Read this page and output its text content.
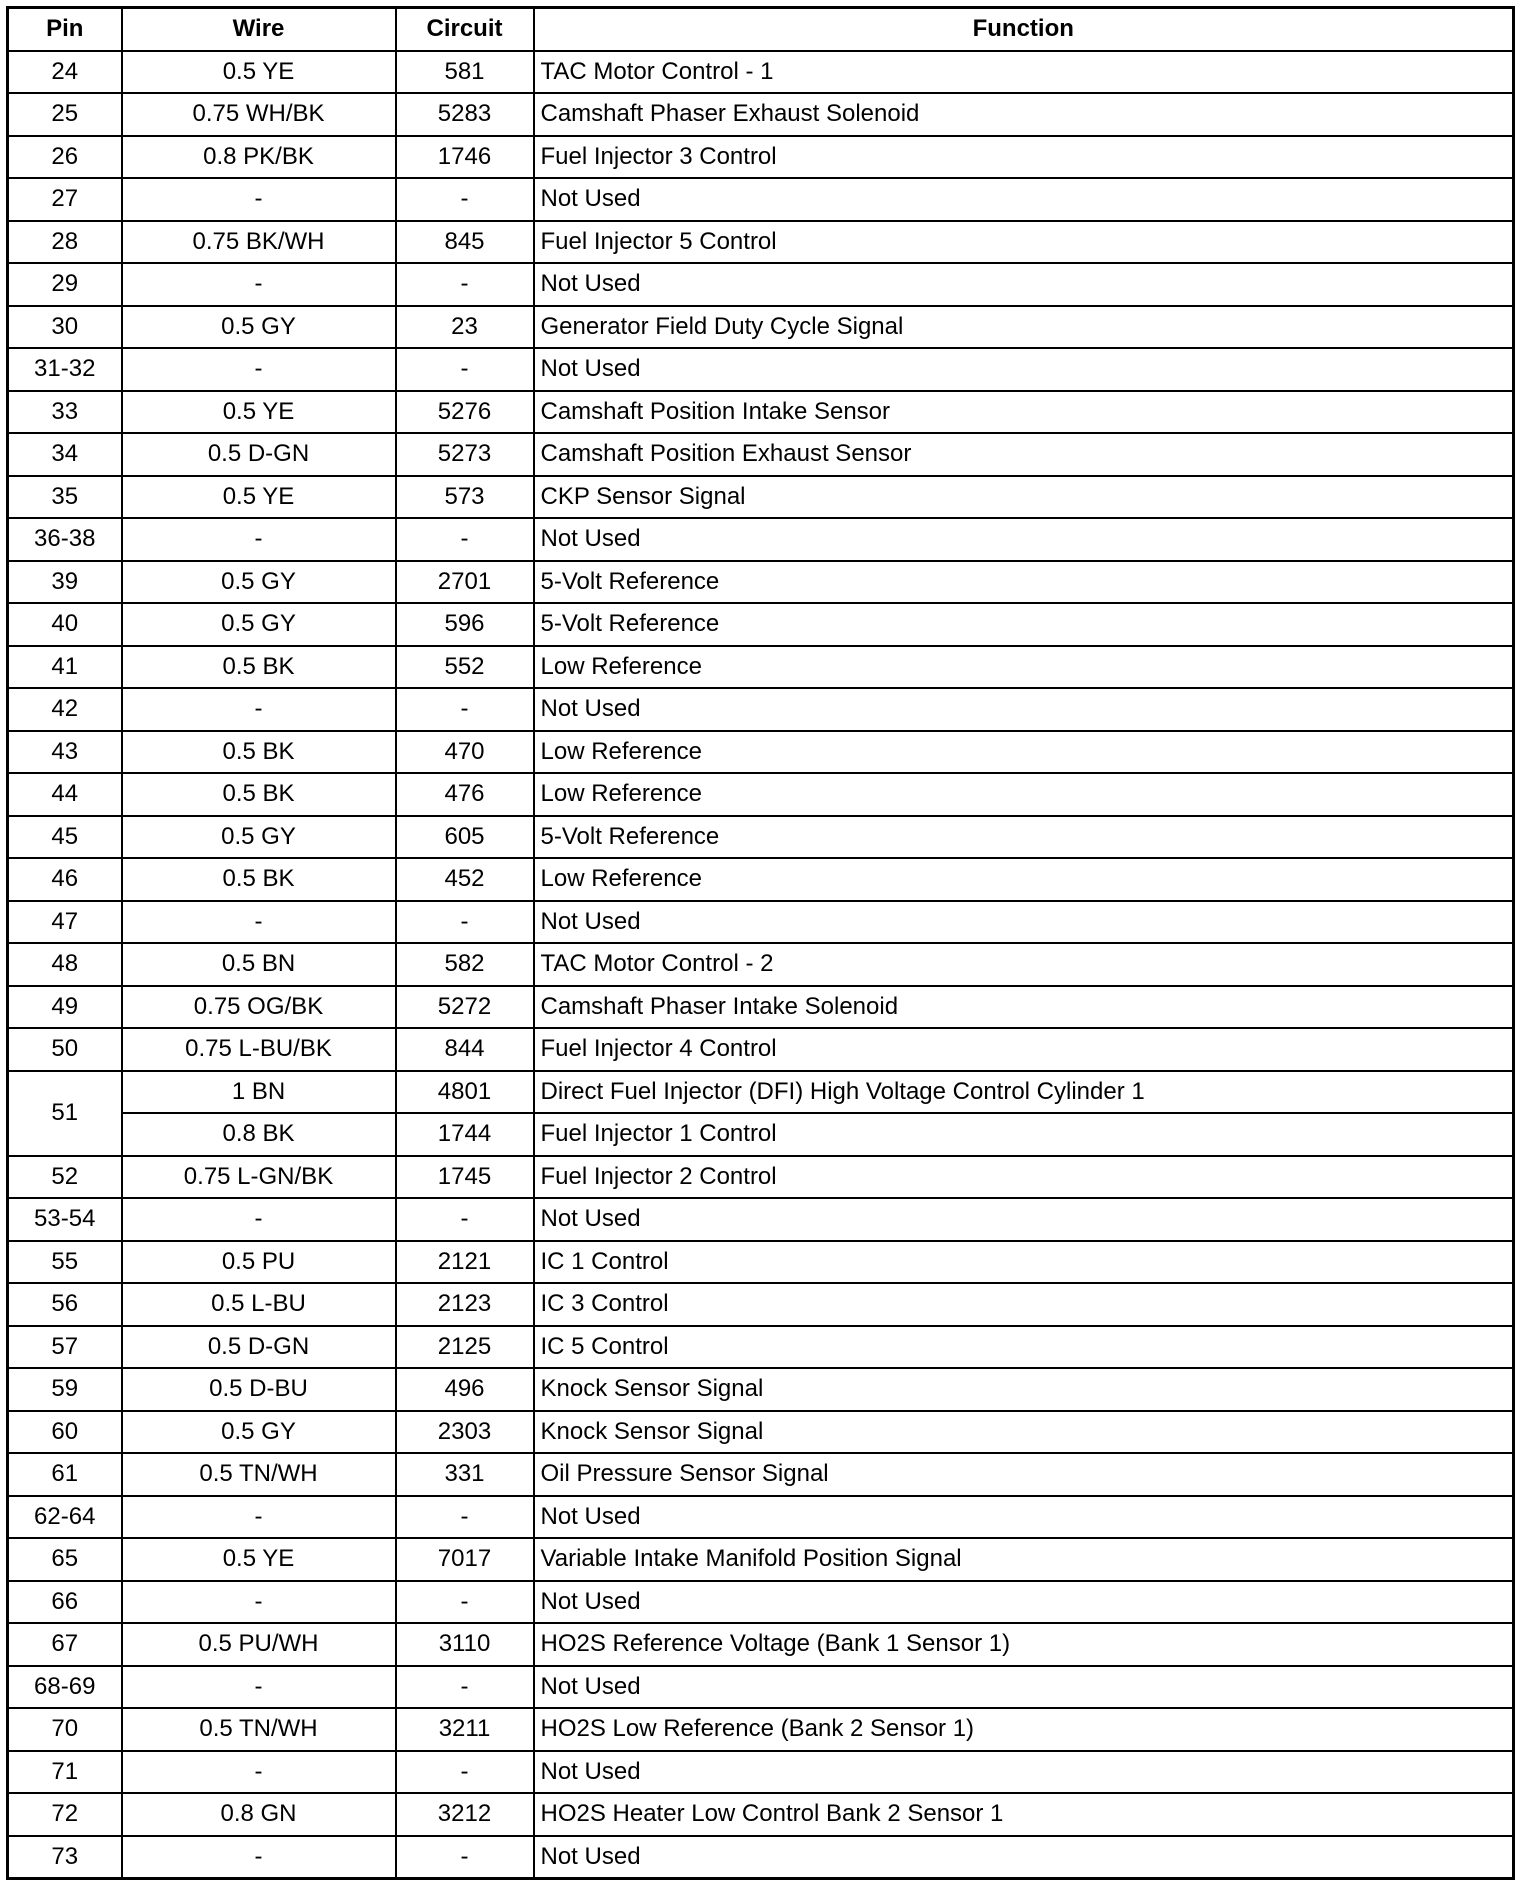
Pin	Wire	Circuit	Function
24	0.5 YE	581	TAC Motor Control - 1
25	0.75 WH/BK	5283	Camshaft Phaser Exhaust Solenoid
26	0.8 PK/BK	1746	Fuel Injector 3 Control
27	-	-	Not Used
28	0.75 BK/WH	845	Fuel Injector 5 Control
29	-	-	Not Used
30	0.5 GY	23	Generator Field Duty Cycle Signal
31-32	-	-	Not Used
33	0.5 YE	5276	Camshaft Position Intake Sensor
34	0.5 D-GN	5273	Camshaft Position Exhaust Sensor
35	0.5 YE	573	CKP Sensor Signal
36-38	-	-	Not Used
39	0.5 GY	2701	5-Volt Reference
40	0.5 GY	596	5-Volt Reference
41	0.5 BK	552	Low Reference
42	-	-	Not Used
43	0.5 BK	470	Low Reference
44	0.5 BK	476	Low Reference
45	0.5 GY	605	5-Volt Reference
46	0.5 BK	452	Low Reference
47	-	-	Not Used
48	0.5 BN	582	TAC Motor Control - 2
49	0.75 OG/BK	5272	Camshaft Phaser Intake Solenoid
50	0.75 L-BU/BK	844	Fuel Injector 4 Control
51	1 BN	4801	Direct Fuel Injector (DFI) High Voltage Control Cylinder 1
	0.8 BK	1744	Fuel Injector 1 Control
52	0.75 L-GN/BK	1745	Fuel Injector 2 Control
53-54	-	-	Not Used
55	0.5 PU	2121	IC 1 Control
56	0.5 L-BU	2123	IC 3 Control
57	0.5 D-GN	2125	IC 5 Control
59	0.5 D-BU	496	Knock Sensor Signal
60	0.5 GY	2303	Knock Sensor Signal
61	0.5 TN/WH	331	Oil Pressure Sensor Signal
62-64	-	-	Not Used
65	0.5 YE	7017	Variable Intake Manifold Position Signal
66	-	-	Not Used
67	0.5 PU/WH	3110	HO2S Reference Voltage (Bank 1 Sensor 1)
68-69	-	-	Not Used
70	0.5 TN/WH	3211	HO2S Low Reference (Bank 2 Sensor 1)
71	-	-	Not Used
72	0.8 GN	3212	HO2S Heater Low Control Bank 2 Sensor 1
73	-	-	Not Used
